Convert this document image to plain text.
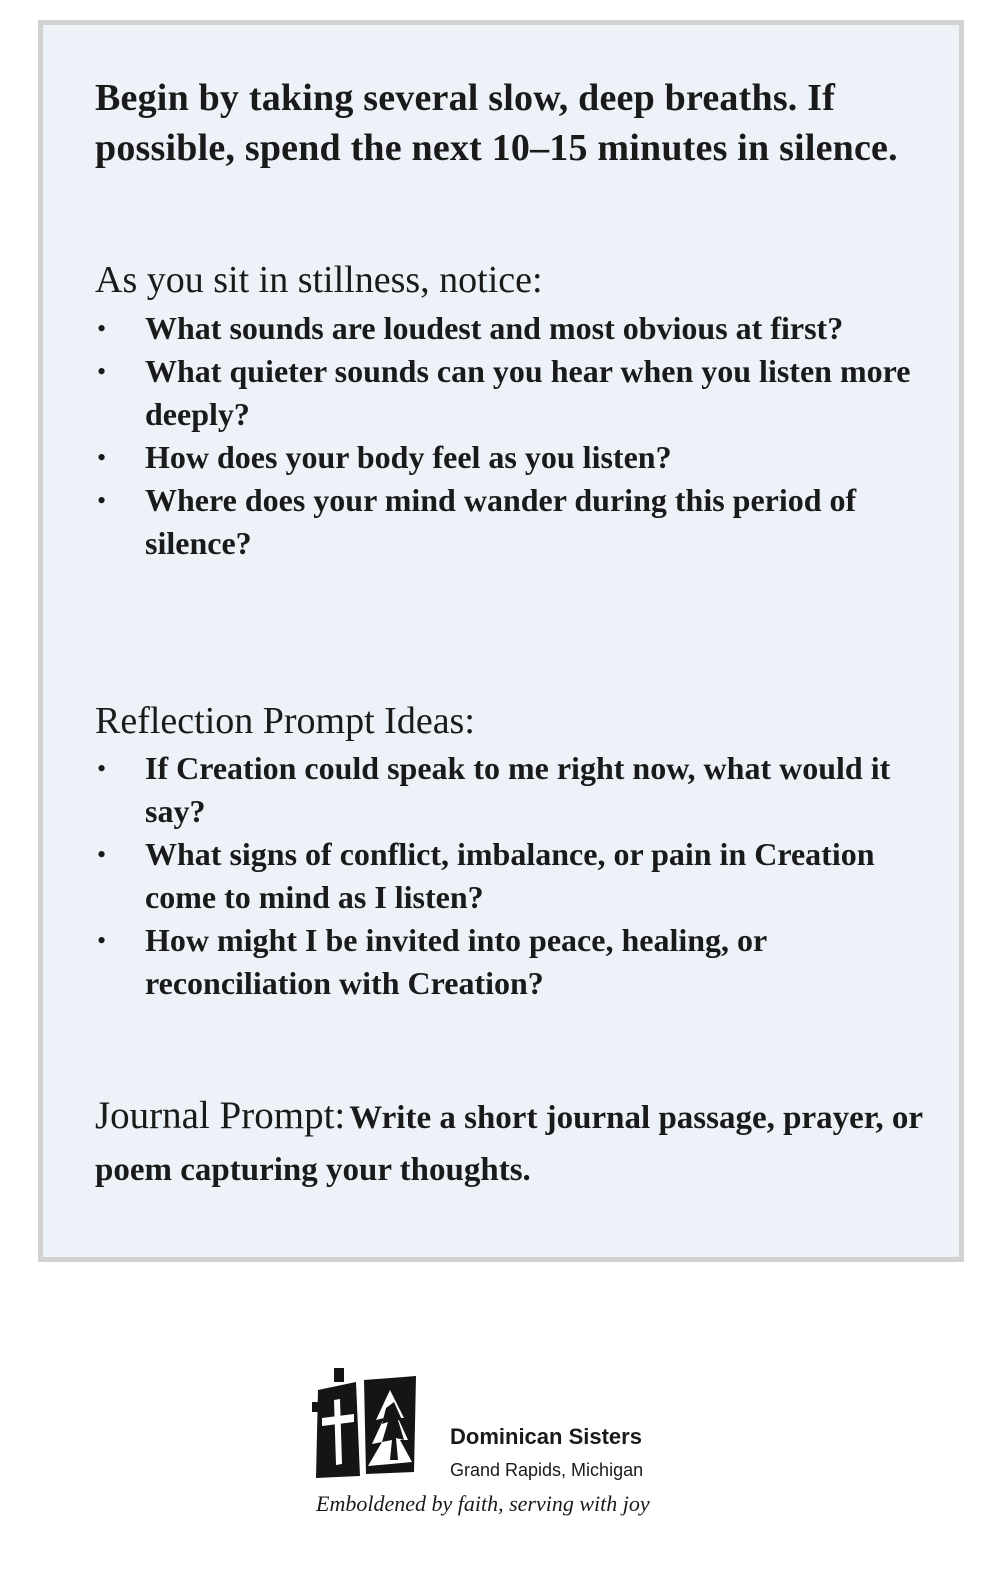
Begin by taking several slow, deep breaths. If possible, spend the next 10–15 minutes in silence.

As you sit in stillness, notice:
• What sounds are loudest and most obvious at first?
• What quieter sounds can you hear when you listen more deeply?
• How does your body feel as you listen?
• Where does your mind wander during this period of silence?
Reflection Prompt Ideas:
• If Creation could speak to me right now, what would it say?
• What signs of conflict, imbalance, or pain in Creation come to mind as I listen?
• How might I be invited into peace, healing, or reconciliation with Creation?

Journal Prompt: Write a short journal passage, prayer, or poem capturing your thoughts.

Dominican Sisters
Grand Rapids, Michigan
Emboldened by faith, serving with joy
